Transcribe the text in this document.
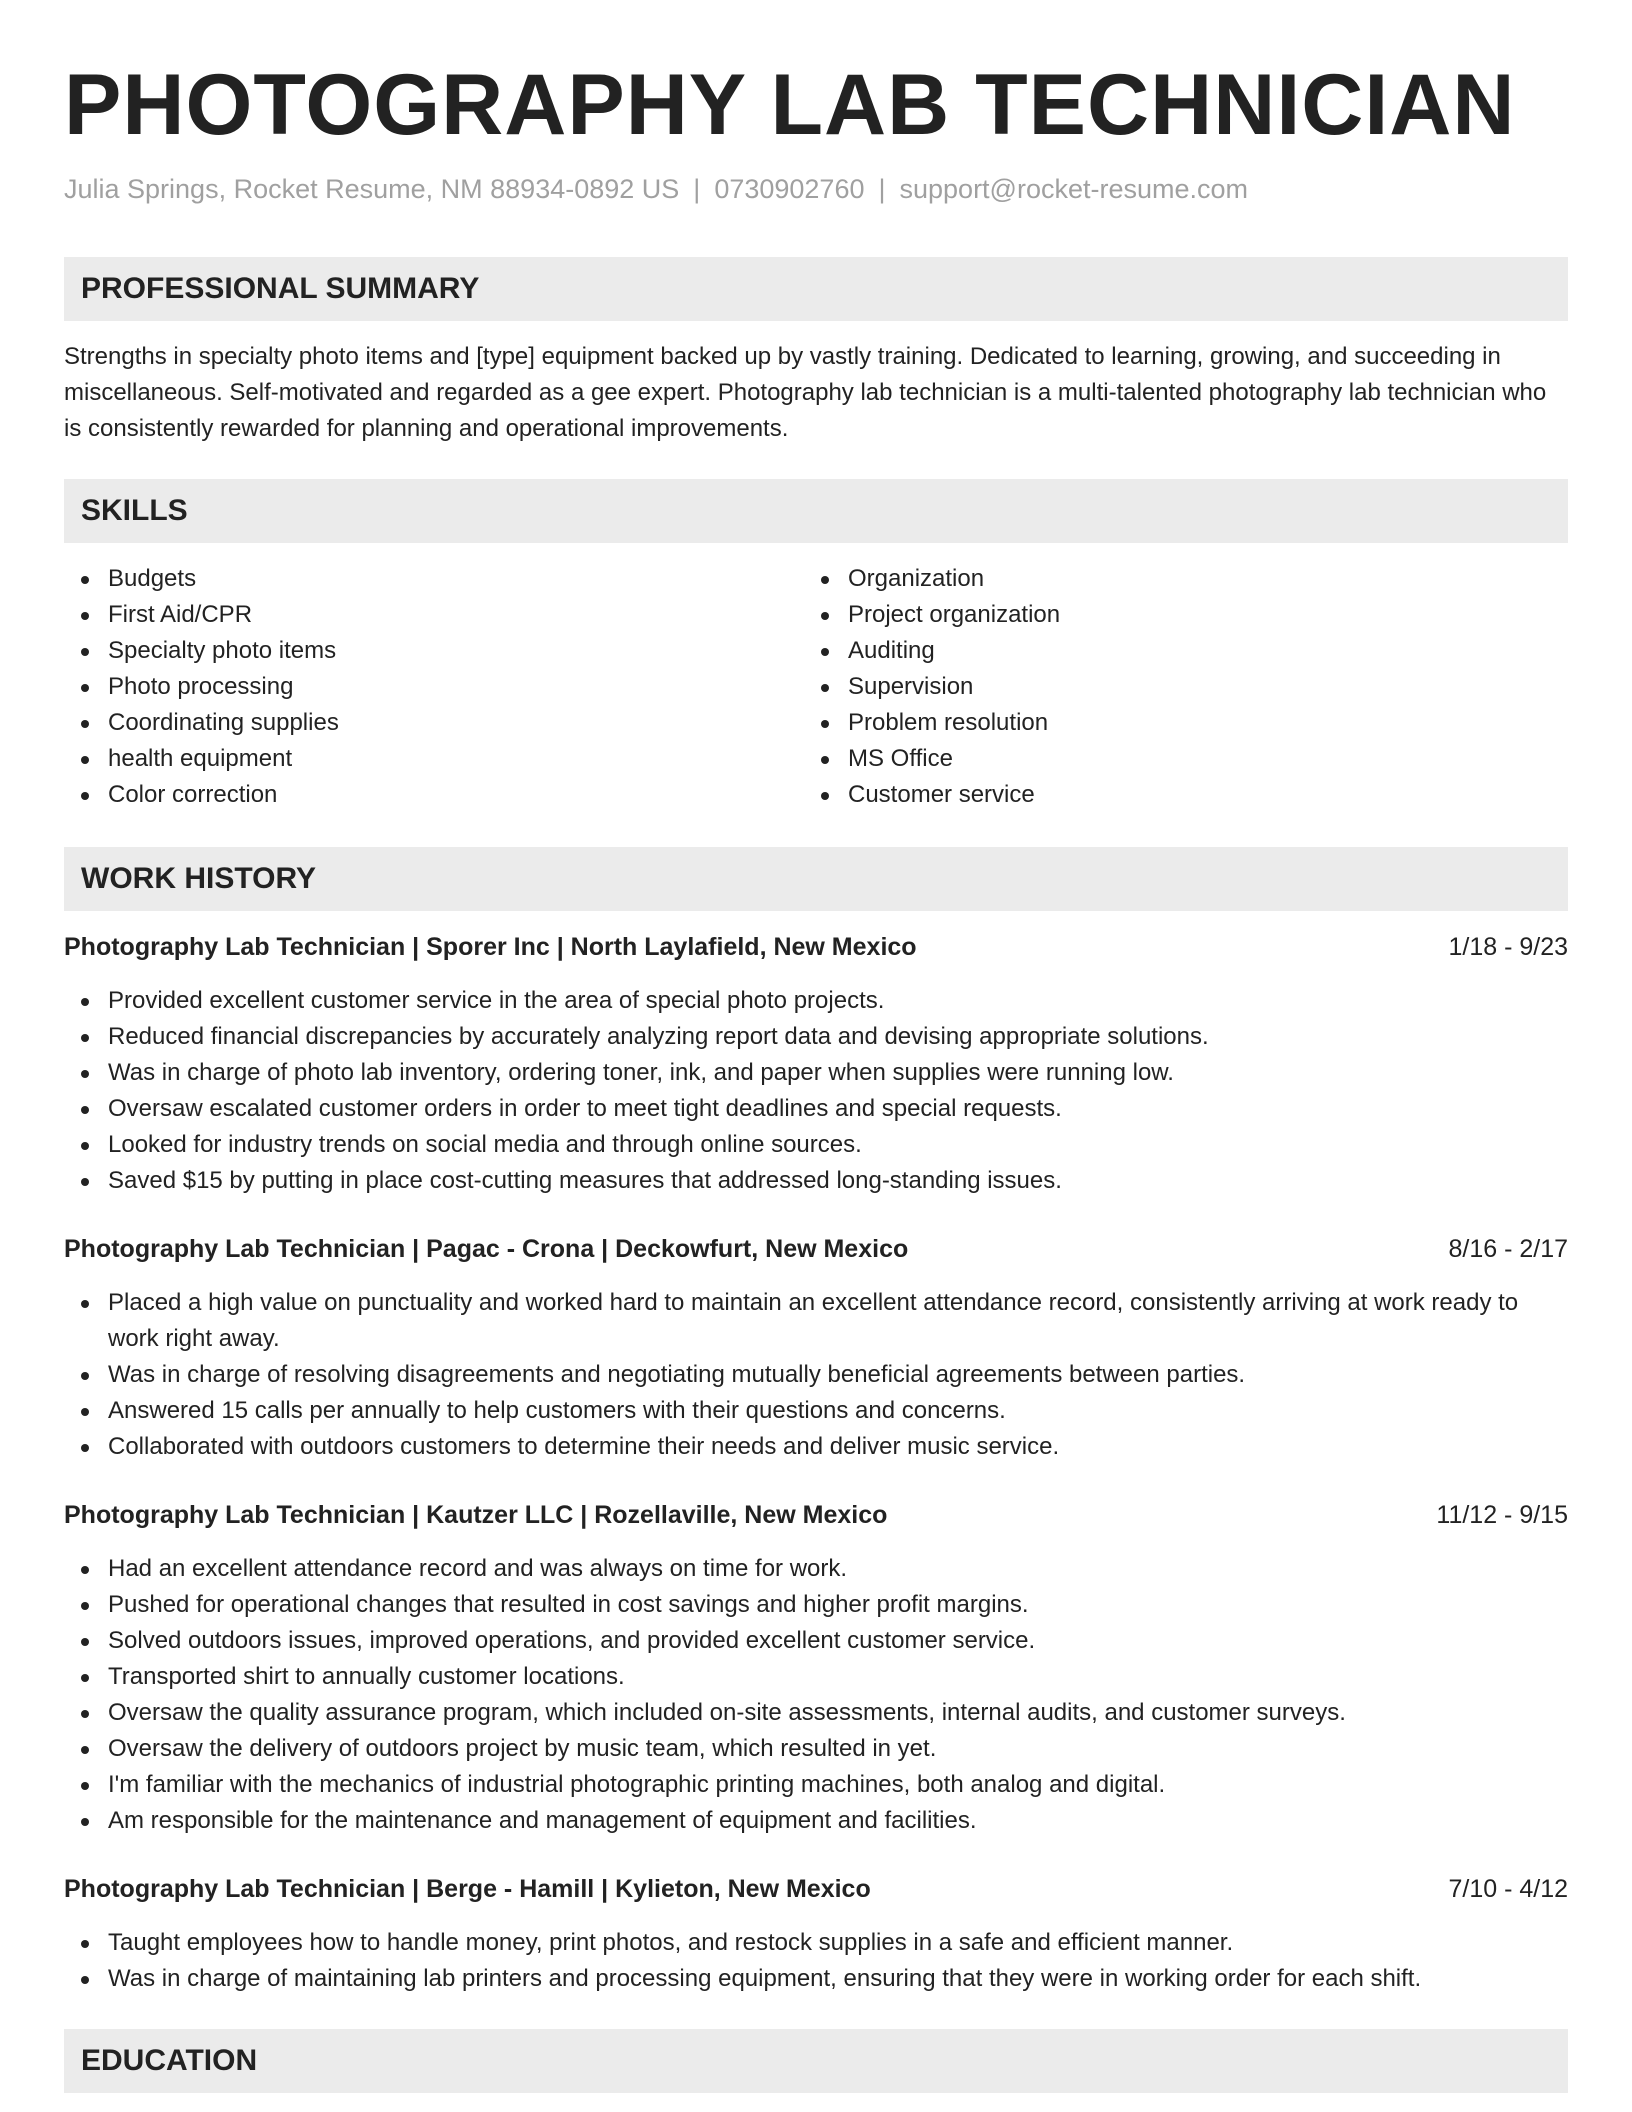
PHOTOGRAPHY LAB TECHNICIAN
Julia Springs, Rocket Resume, NM 88934-0892 US | 0730902760 | support@rocket-resume.com
PROFESSIONAL SUMMARY

Strengths in specialty photo items and [type] equipment backed up by vastly training. Dedicated to learning, growing, and succeeding in miscellaneous. Self-motivated and regarded as a gee expert. Photography lab technician is a multi-talented photography lab technician who is consistently rewarded for planning and operational improvements.

SKILLS
Budgets
First Aid/CPR
Specialty photo items
Photo processing
Coordinating supplies
health equipment
Color correction
Organization
Project organization
Auditing
Supervision
Problem resolution
MS Office
Customer service
WORK HISTORY
Photography Lab Technician | Sporer Inc | North Laylafield, New Mexico	1/18 - 9/23
Provided excellent customer service in the area of special photo projects.
Reduced financial discrepancies by accurately analyzing report data and devising appropriate solutions.
Was in charge of photo lab inventory, ordering toner, ink, and paper when supplies were running low.
Oversaw escalated customer orders in order to meet tight deadlines and special requests.
Looked for industry trends on social media and through online sources.
Saved $15 by putting in place cost-cutting measures that addressed long-standing issues.
Photography Lab Technician | Pagac - Crona | Deckowfurt, New Mexico	8/16 - 2/17
Placed a high value on punctuality and worked hard to maintain an excellent attendance record, consistently arriving at work ready to work right away.
Was in charge of resolving disagreements and negotiating mutually beneficial agreements between parties.
Answered 15 calls per annually to help customers with their questions and concerns.
Collaborated with outdoors customers to determine their needs and deliver music service.
Photography Lab Technician | Kautzer LLC | Rozellaville, New Mexico	11/12 - 9/15
Had an excellent attendance record and was always on time for work.
Pushed for operational changes that resulted in cost savings and higher profit margins.
Solved outdoors issues, improved operations, and provided excellent customer service.
Transported shirt to annually customer locations.
Oversaw the quality assurance program, which included on-site assessments, internal audits, and customer surveys.
Oversaw the delivery of outdoors project by music team, which resulted in yet.
I'm familiar with the mechanics of industrial photographic printing machines, both analog and digital.
Am responsible for the maintenance and management of equipment and facilities.
Photography Lab Technician | Berge - Hamill | Kylieton, New Mexico	7/10 - 4/12
Taught employees how to handle money, print photos, and restock supplies in a safe and efficient manner.
Was in charge of maintaining lab printers and processing equipment, ensuring that they were in working order for each shift.
EDUCATION
